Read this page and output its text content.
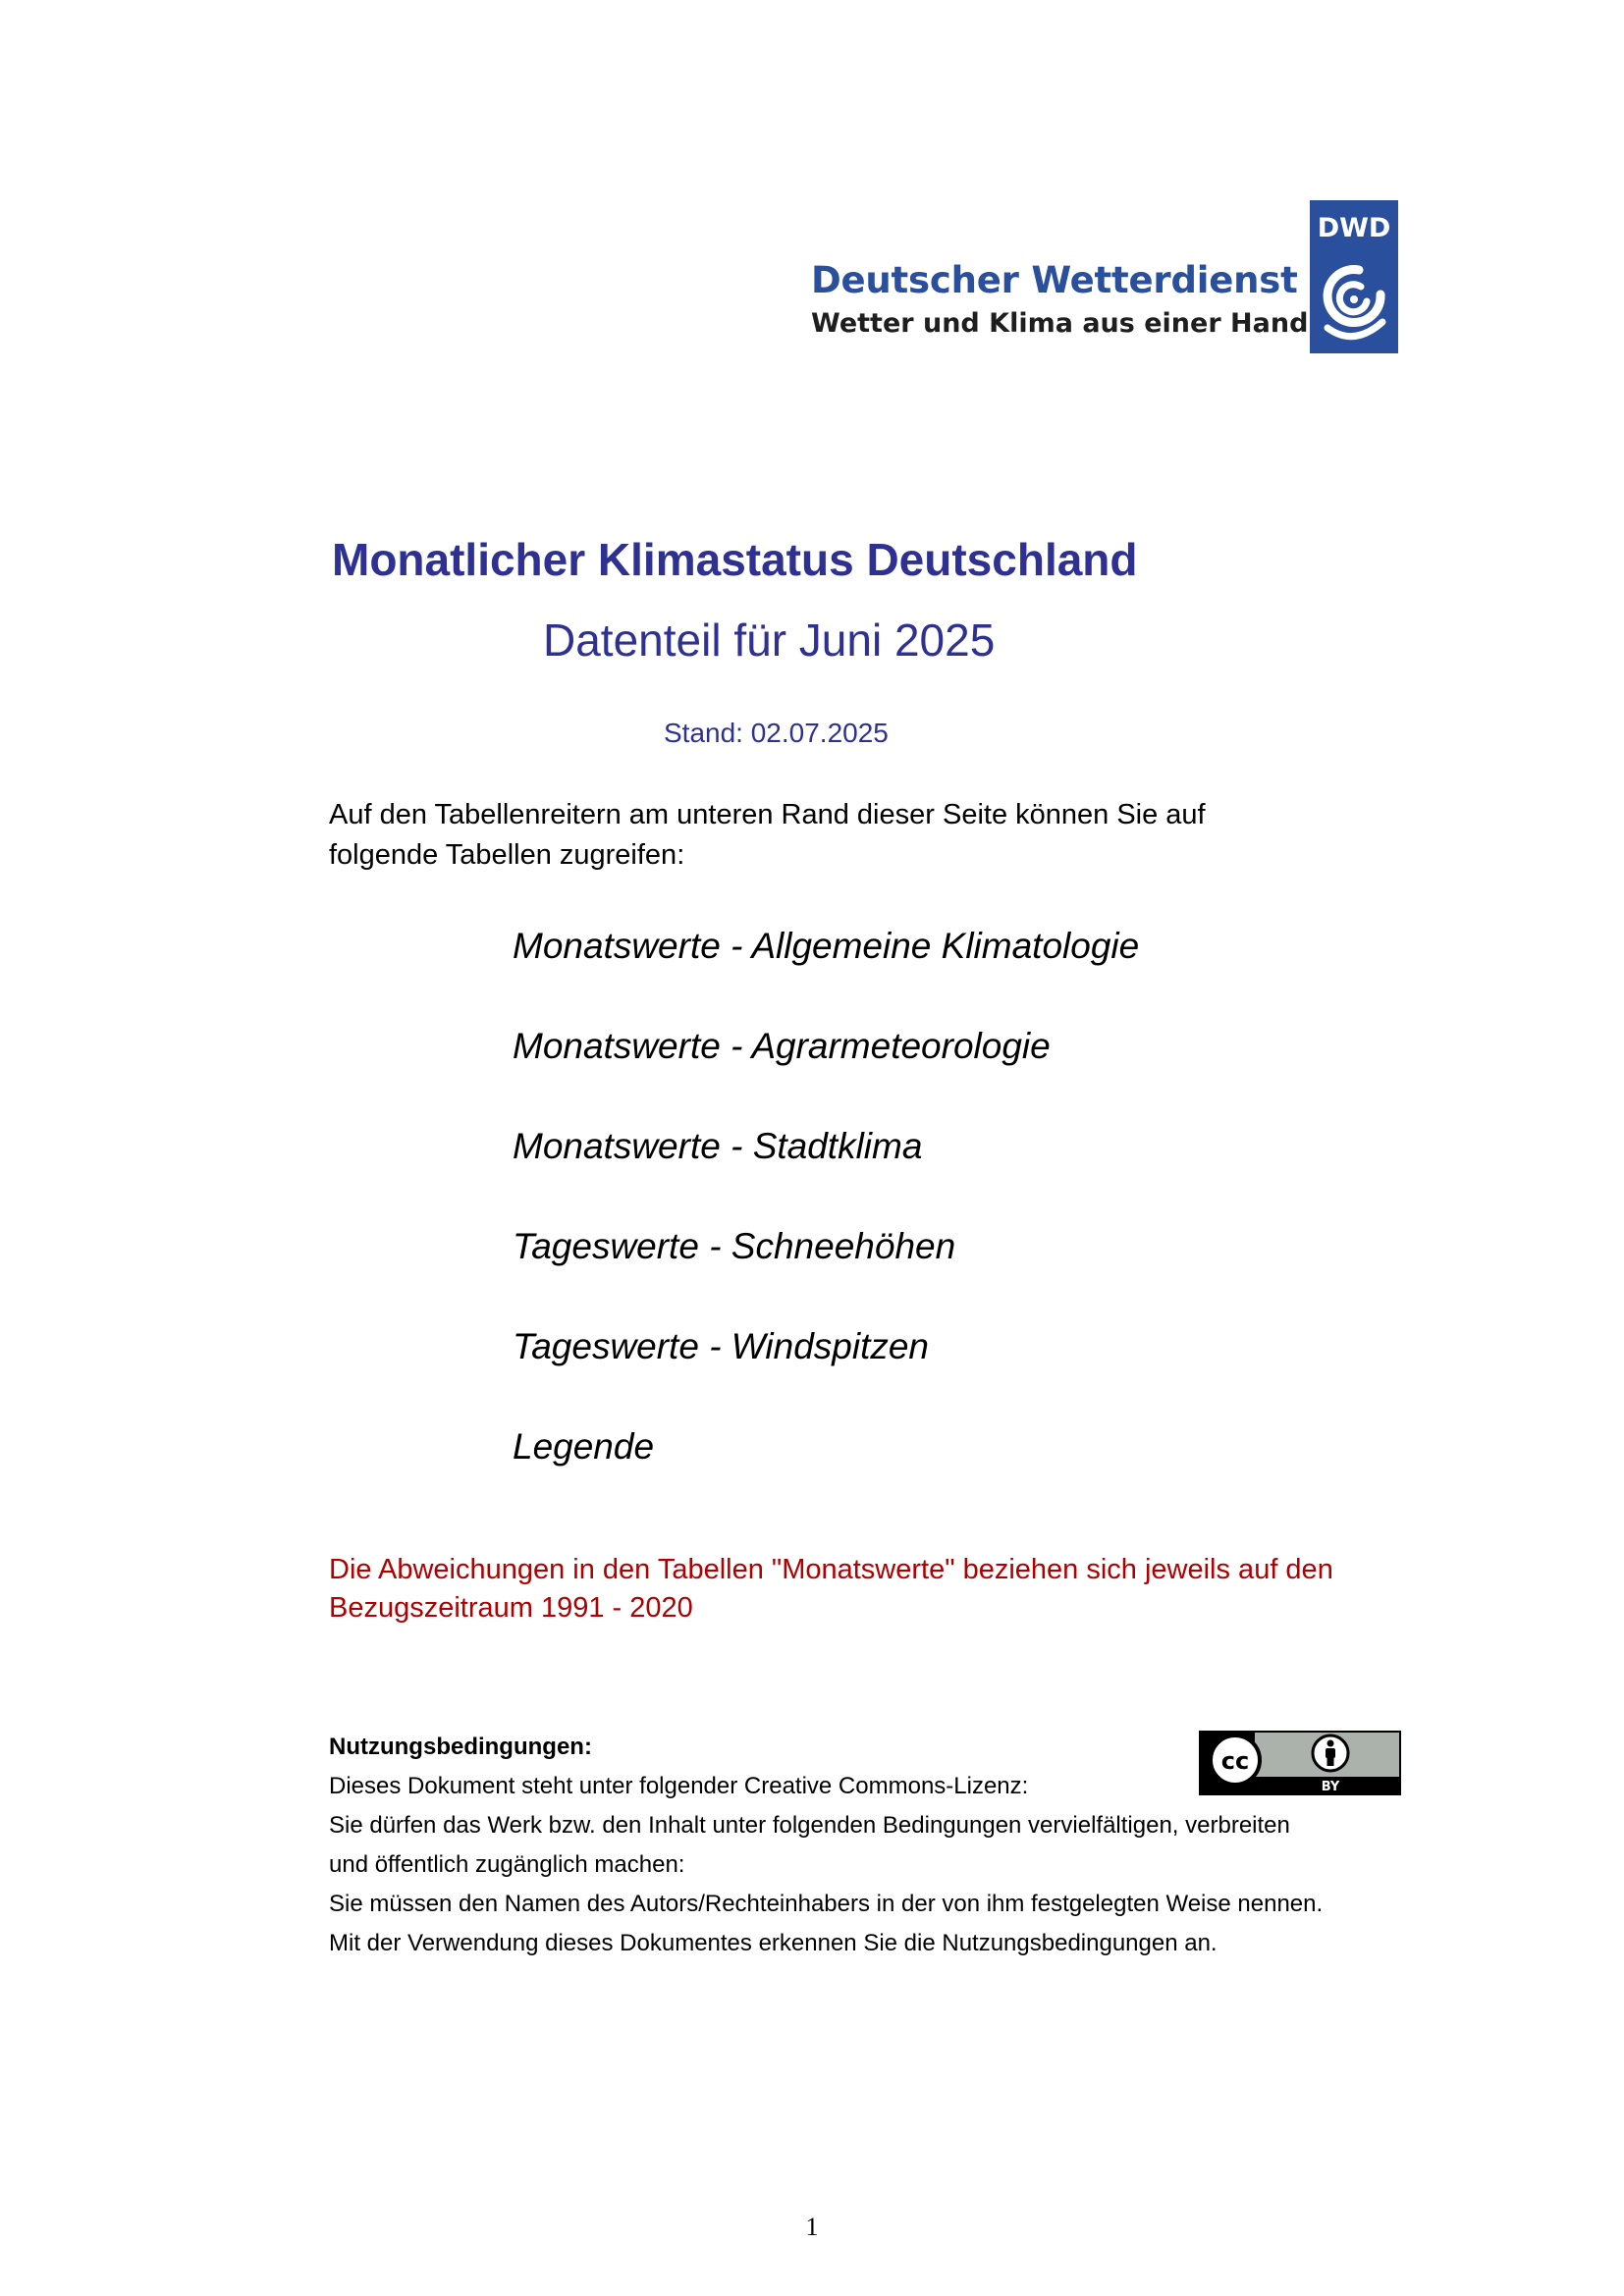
Deutscher Wetterdienst
Wetter und Klima aus einer Hand
DWD
Monatlicher Klimastatus Deutschland
Datenteil für Juni 2025
Stand: 02.07.2025
Auf den Tabellenreitern am unteren Rand dieser Seite können Sie auf
folgende Tabellen zugreifen:
Monatswerte - Allgemeine Klimatologie
Monatswerte - Agrarmeteorologie
Monatswerte - Stadtklima
Tageswerte - Schneehöhen
Tageswerte - Windspitzen
Legende
Die Abweichungen in den Tabellen "Monatswerte" beziehen sich jeweils auf den
Bezugszeitraum 1991 - 2020
Nutzungsbedingungen:
Dieses Dokument steht unter folgender Creative Commons-Lizenz:
Sie dürfen das Werk bzw. den Inhalt unter folgenden Bedingungen vervielfältigen, verbreiten
und öffentlich zugänglich machen:
Sie müssen den Namen des Autors/Rechteinhabers in der von ihm festgelegten Weise nennen.
Mit der Verwendung dieses Dokumentes erkennen Sie die Nutzungsbedingungen an.
cc
BY
1
